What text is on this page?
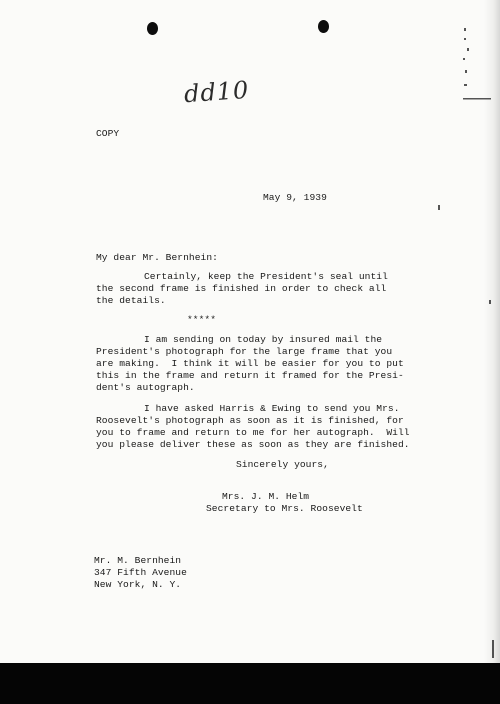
dd10
COPY
May 9, 1939
My dear Mr. Bernhein:
Certainly, keep the President's seal until
the second frame is finished in order to check all
the details.
*****
I am sending on today by insured mail the
President's photograph for the large frame that you
are making.  I think it will be easier for you to put
this in the frame and return it framed for the Presi-
dent's autograph.
I have asked Harris & Ewing to send you Mrs.
Roosevelt's photograph as soon as it is finished, for
you to frame and return to me for her autograph.  Will
you please deliver these as soon as they are finished.
Sincerely yours,
Mrs. J. M. Helm
Secretary to Mrs. Roosevelt
Mr. M. Bernhein
347 Fifth Avenue
New York, N. Y.
